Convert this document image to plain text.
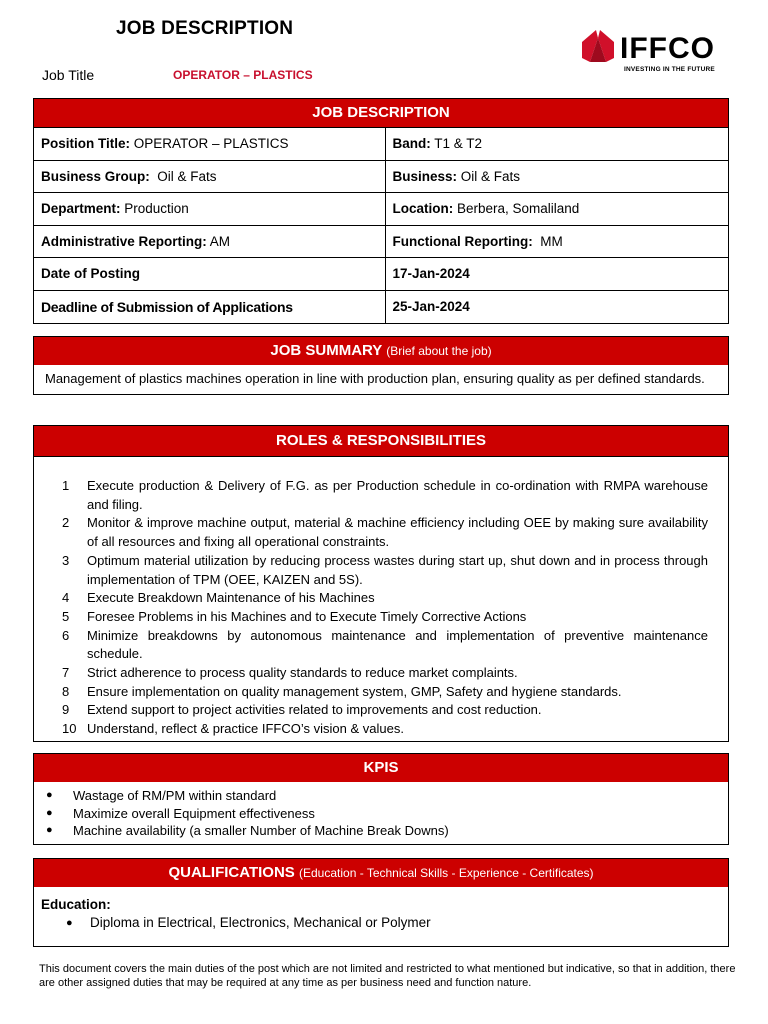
JOB DESCRIPTION
Job Title	OPERATOR – PLASTICS
IFFCO
INVESTING IN THE FUTURE
JOB DESCRIPTION
Position Title: OPERATOR – PLASTICS	Band: T1 & T2
Business Group:  Oil & Fats	Business: Oil & Fats
Department: Production	Location: Berbera, Somaliland
Administrative Reporting: AM	Functional Reporting:  MM
Date of Posting	17-Jan-2024
Deadline of Submission of Applications	25-Jan-2024
JOB SUMMARY (Brief about the job)
Management of plastics machines operation in line with production plan, ensuring quality as per defined standards.
ROLES & RESPONSIBILITIES
1	Execute production & Delivery of F.G. as per Production schedule in co-ordination with RMPA warehouse and filing.
2	Monitor & improve machine output, material & machine efficiency including OEE by making sure availability of all resources and fixing all operational constraints.
3	Optimum material utilization by reducing process wastes during start up, shut down and in process through implementation of TPM (OEE, KAIZEN and 5S).
4	Execute Breakdown Maintenance of his Machines
5	Foresee Problems in his Machines and to Execute Timely Corrective Actions
6	Minimize breakdowns by autonomous maintenance and implementation of preventive maintenance schedule.
7	Strict adherence to process quality standards to reduce market complaints.
8	Ensure implementation on quality management system, GMP, Safety and hygiene standards.
9	Extend support to project activities related to improvements and cost reduction.
10 Understand, reflect & practice IFFCO’s vision & values.
KPIS
●	Wastage of RM/PM within standard
●	Maximize overall Equipment effectiveness
●	Machine availability (a smaller Number of Machine Break Downs)
QUALIFICATIONS (Education - Technical Skills - Experience - Certificates)
Education:
●	Diploma in Electrical, Electronics, Mechanical or Polymer
This document covers the main duties of the post which are not limited and restricted to what mentioned but indicative, so that in addition, there are other assigned duties that may be required at any time as per business need and function nature.
